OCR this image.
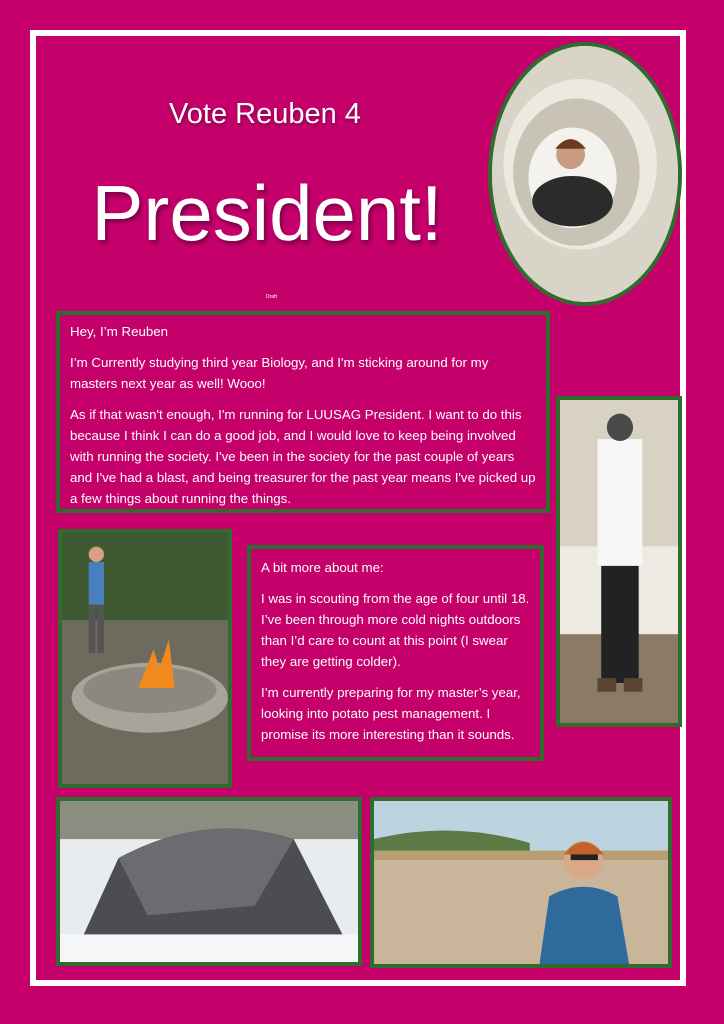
Vote Reuben 4
President!
Draft

Hey, I’m Reuben

I’m Currently studying third year Biology, and I'm sticking around for my masters next year as well! Wooo!

As if that wasn't enough, I'm running for LUUSAG President. I want to do this because I think I can do a good job, and I would love to keep being involved with running the society. I've been in the society for the past couple of years and I've had a blast, and being treasurer for the past year means I've picked up a few things about running the things.

A bit more about me:

I was in scouting from the age of four until 18. I’ve been through more cold nights outdoors than I’d care to count at this point (I swear they are getting colder).

I’m currently preparing for my master’s year, looking into potato pest management. I promise its more interesting than it sounds.
